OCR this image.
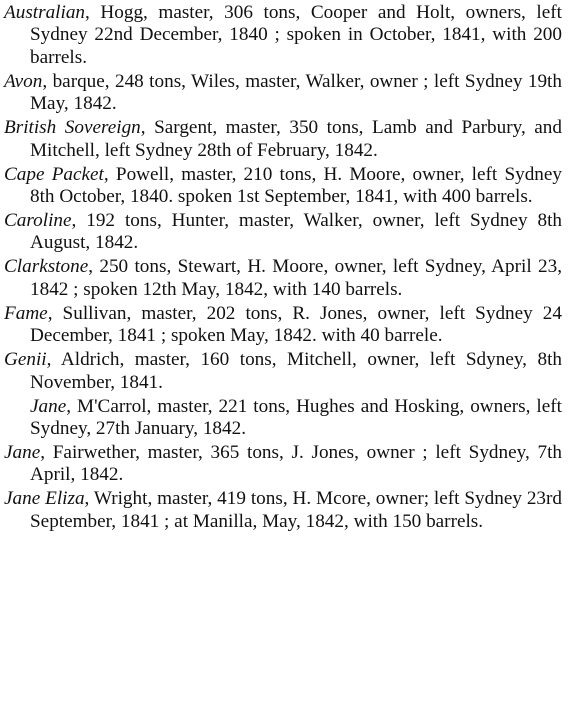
Australian, Hogg, master, 306 tons, Cooper and Holt, owners, left Sydney 22nd December, 1840 ; spoken in October, 1841, with 200 barrels.

Avon, barque, 248 tons, Wiles, master, Walker, owner ; left Sydney 19th May, 1842.

British Sovereign, Sargent, master, 350 tons, Lamb and Parbury, and Mitchell, left Sydney 28th of February, 1842.

Cape Packet, Powell, master, 210 tons, H. Moore, owner, left Sydney 8th October, 1840. spoken 1st September, 1841, with 400 barrels.

Caroline, 192 tons, Hunter, master, Walker, owner, left Sydney 8th August, 1842.

Clarkstone, 250 tons, Stewart, H. Moore, owner, left Sydney, April 23, 1842 ; spoken 12th May, 1842, with 140 barrels.

Fame, Sullivan, master, 202 tons, R. Jones, owner, left Sydney 24 December, 1841 ; spoken May, 1842. with 40 barrele.

Genii, Aldrich, master, 160 tons, Mitchell, owner, left Sdyney, 8th November, 1841.

Jane, M'Carrol, master, 221 tons, Hughes and Hosking, owners, left Sydney, 27th January, 1842.

Jane, Fairwether, master, 365 tons, J. Jones, owner ; left Sydney, 7th April, 1842.

Jane Eliza, Wright, master, 419 tons, H. Mcore, owner; left Sydney 23rd September, 1841 ; at Manilla, May, 1842, with 150 barrels.
